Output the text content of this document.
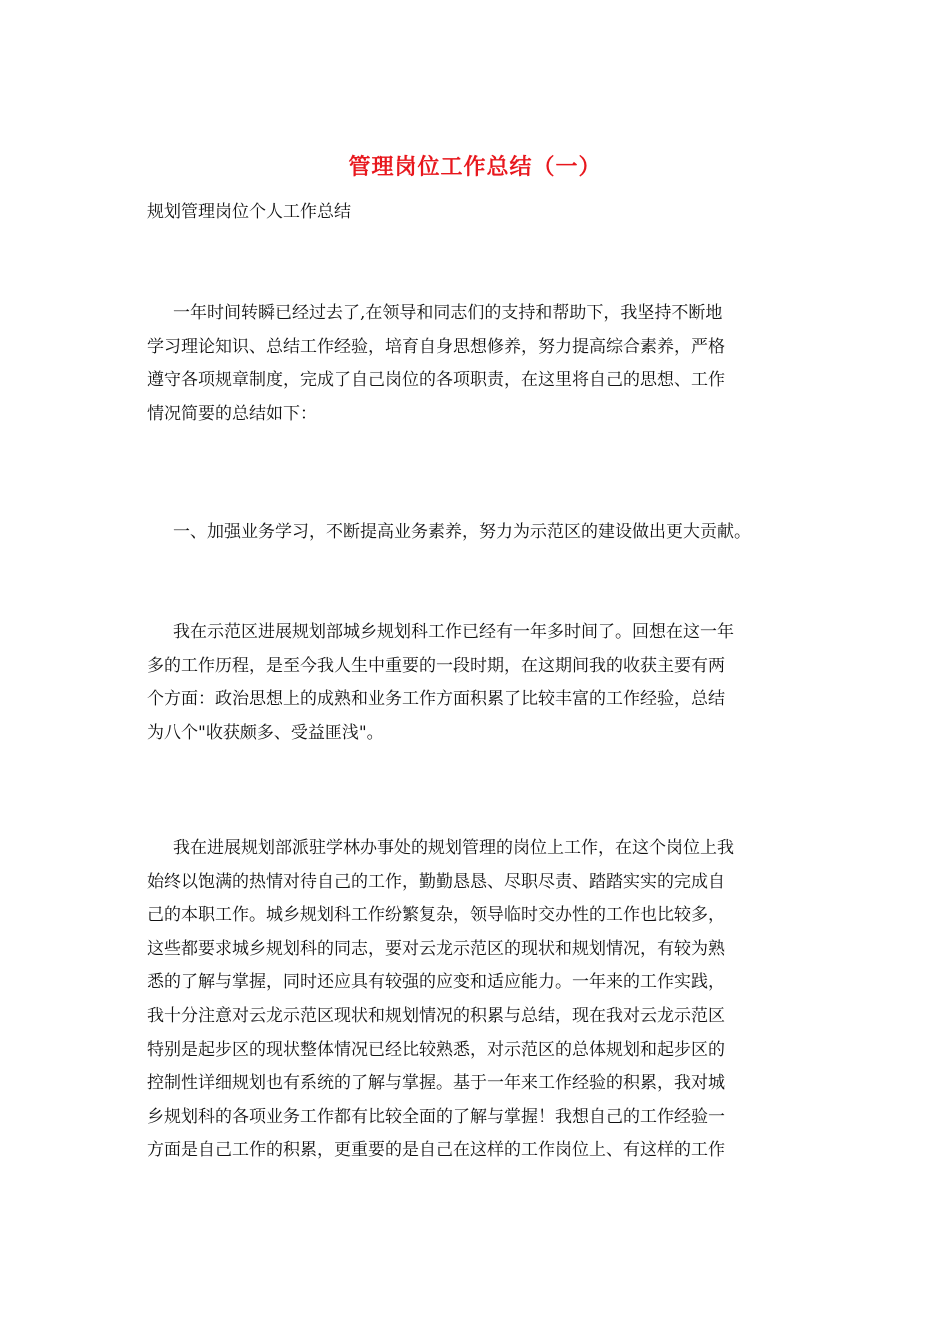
管理岗位工作总结（一）
规划管理岗位个人工作总结
一年时间转瞬已经过去了,在领导和同志们的支持和帮助下，我坚持不断地
学习理论知识、总结工作经验，培育自身思想修养，努力提高综合素养，严格
遵守各项规章制度，完成了自己岗位的各项职责，在这里将自己的思想、工作
情况简要的总结如下：
一、加强业务学习，不断提高业务素养，努力为示范区的建设做出更大贡献。
我在示范区进展规划部城乡规划科工作已经有一年多时间了。回想在这一年
多的工作历程，是至今我人生中重要的一段时期，在这期间我的收获主要有两
个方面：政治思想上的成熟和业务工作方面积累了比较丰富的工作经验，总结
为八个"收获颇多、受益匪浅"。
我在进展规划部派驻学林办事处的规划管理的岗位上工作，在这个岗位上我
始终以饱满的热情对待自己的工作，勤勤恳恳、尽职尽责、踏踏实实的完成自
己的本职工作。城乡规划科工作纷繁复杂，领导临时交办性的工作也比较多，
这些都要求城乡规划科的同志，要对云龙示范区的现状和规划情况，有较为熟
悉的了解与掌握，同时还应具有较强的应变和适应能力。一年来的工作实践，
我十分注意对云龙示范区现状和规划情况的积累与总结，现在我对云龙示范区
特别是起步区的现状整体情况已经比较熟悉，对示范区的总体规划和起步区的
控制性详细规划也有系统的了解与掌握。基于一年来工作经验的积累，我对城
乡规划科的各项业务工作都有比较全面的了解与掌握！我想自己的工作经验一
方面是自己工作的积累，更重要的是自己在这样的工作岗位上、有这样的工作
